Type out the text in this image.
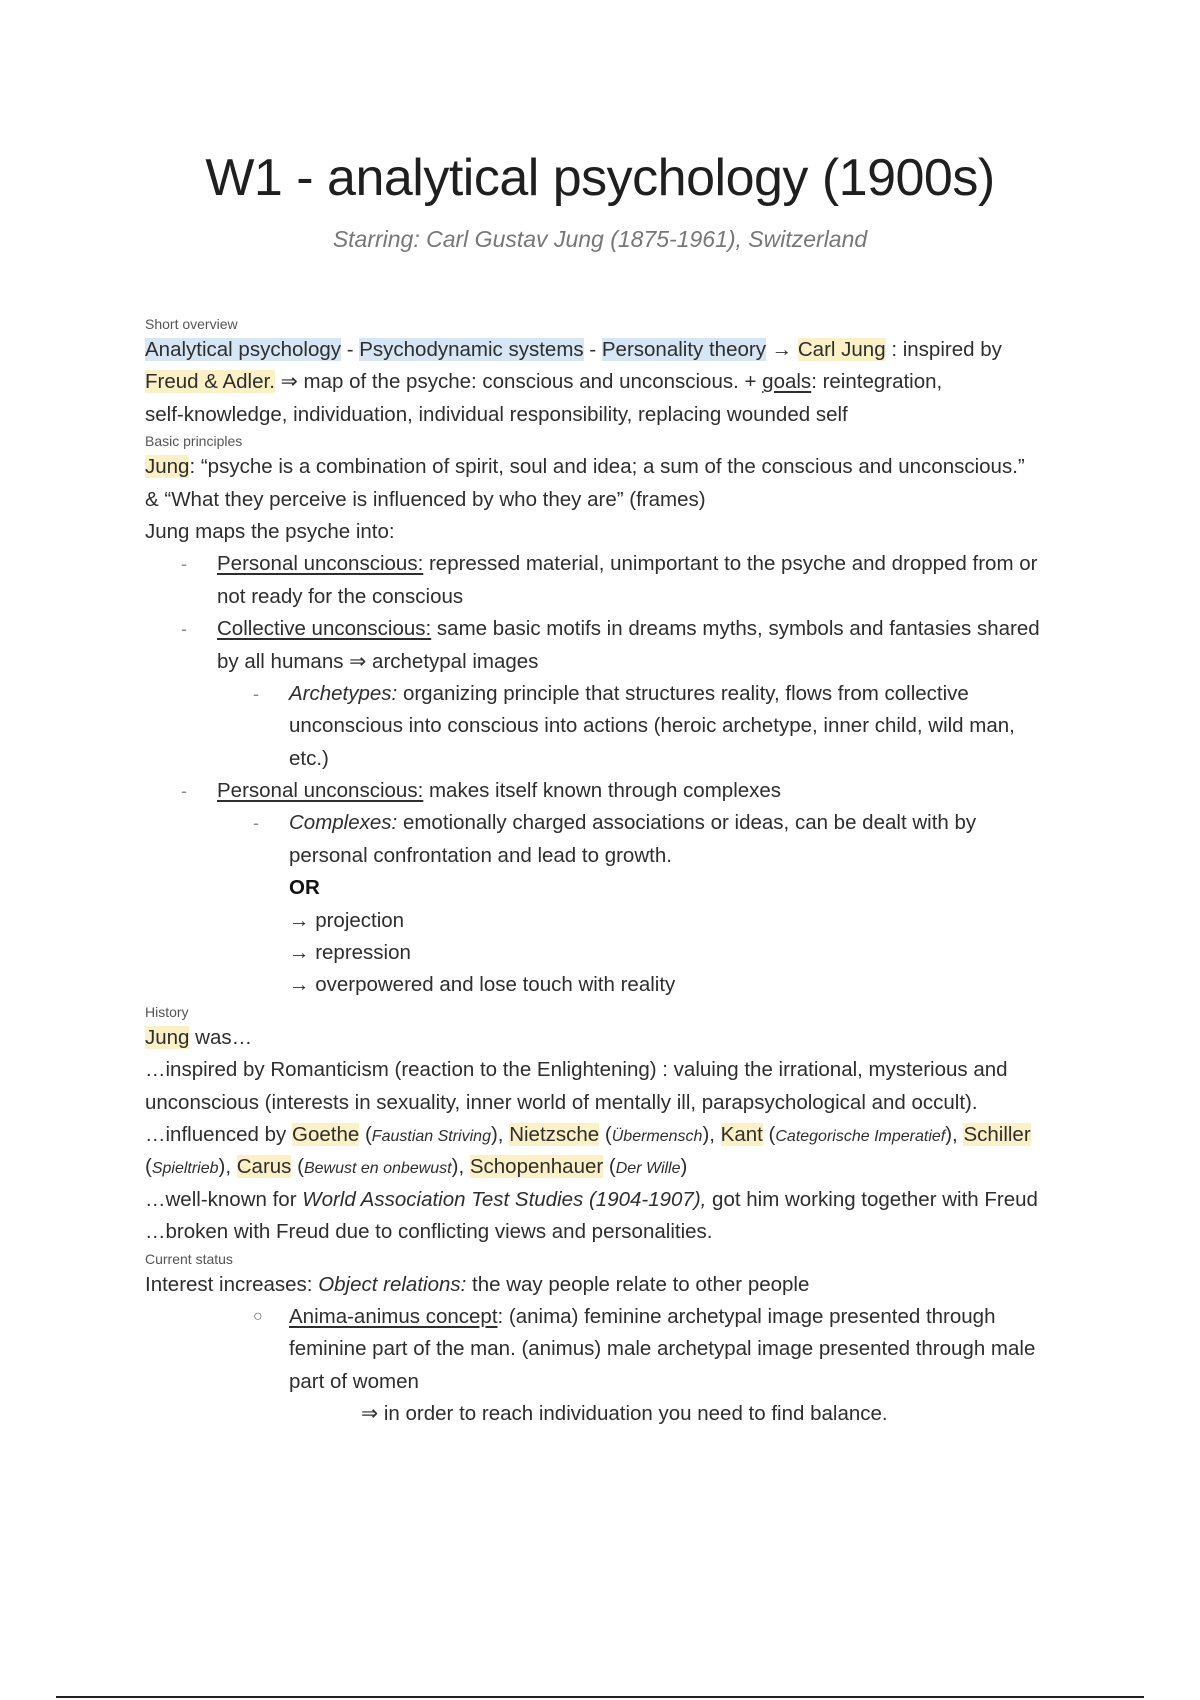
W1 - analytical psychology (1900s)

Starring: Carl Gustav Jung (1875-1961), Switzerland

Short overview
Analytical psychology - Psychodynamic systems - Personality theory → Carl Jung : inspired by
Freud & Adler. ⇒ map of the psyche: conscious and unconscious. + goals: reintegration,
self-knowledge, individuation, individual responsibility, replacing wounded self
Basic principles
Jung: “psyche is a combination of spirit, soul and idea; a sum of the conscious and unconscious.”
& “What they perceive is influenced by who they are” (frames)
Jung maps the psyche into:
- Personal unconscious: repressed material, unimportant to the psyche and dropped from or
not ready for the conscious
- Collective unconscious: same basic motifs in dreams myths, symbols and fantasies shared
by all humans ⇒ archetypal images
- Archetypes: organizing principle that structures reality, flows from collective
unconscious into conscious into actions (heroic archetype, inner child, wild man,
etc.)
- Personal unconscious: makes itself known through complexes
- Complexes: emotionally charged associations or ideas, can be dealt with by
personal confrontation and lead to growth.
OR
→ projection
→ repression
→ overpowered and lose touch with reality
History
Jung was…
…inspired by Romanticism (reaction to the Enlightening) : valuing the irrational, mysterious and
unconscious (interests in sexuality, inner world of mentally ill, parapsychological and occult).
…influenced by Goethe (Faustian Striving), Nietzsche (Übermensch), Kant (Categorische Imperatief), Schiller
(Spieltrieb), Carus (Bewust en onbewust), Schopenhauer (Der Wille)
…well-known for World Association Test Studies (1904-1907), got him working together with Freud
…broken with Freud due to conflicting views and personalities.
Current status
Interest increases: Object relations: the way people relate to other people
○ Anima-animus concept: (anima) feminine archetypal image presented through
feminine part of the man. (animus) male archetypal image presented through male
part of women
⇒ in order to reach individuation you need to find balance.
